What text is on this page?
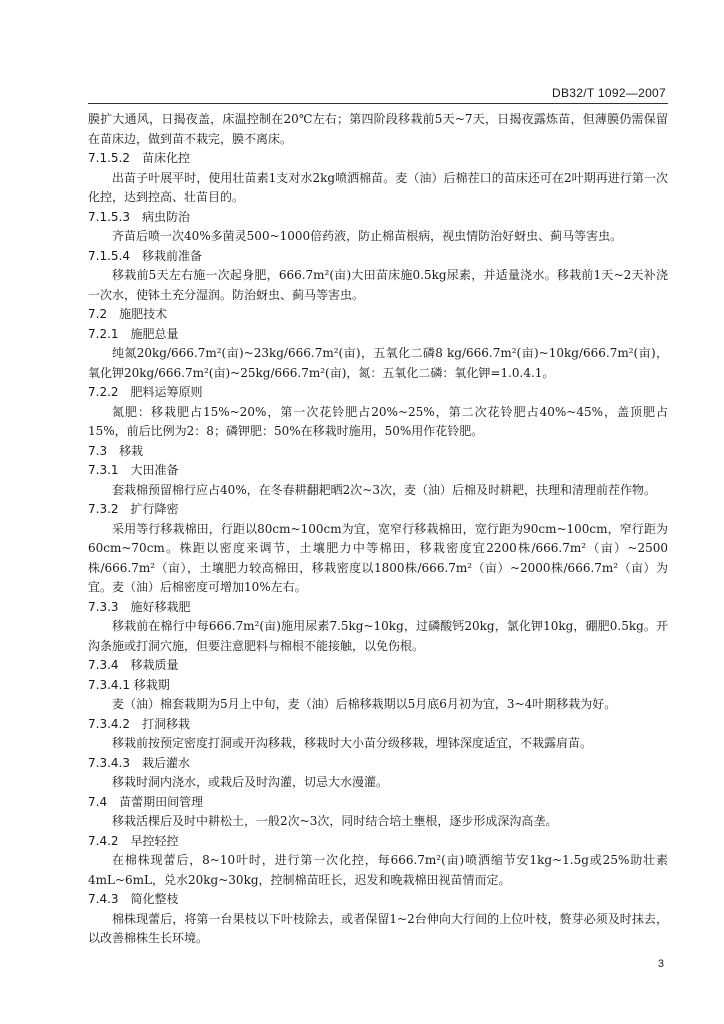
DB32/T 1092—2007

膜扩大通风，日揭夜盖，床温控制在20℃左右；第四阶段移栽前5天~7天，日揭夜露炼苗，但薄膜仍需保留在苗床边，做到苗不栽完，膜不离床。

7.1.5.2　苗床化控

出苗子叶展平时，使用壮苗素1支对水2kg喷洒棉苗。麦（油）后棉茬口的苗床还可在2叶期再进行第一次化控，达到控高、壮苗目的。

7.1.5.3　病虫防治

齐苗后喷一次40%多菌灵500~1000倍药液，防止棉苗根病，视虫情防治好蚜虫、蓟马等害虫。

7.1.5.4　移栽前准备

移栽前5天左右施一次起身肥，666.7m²(亩)大田苗床施0.5kg尿素，并适量浇水。移栽前1天~2天补浇一次水，使钵土充分湿润。防治蚜虫、蓟马等害虫。

7.2　施肥技术

7.2.1　施肥总量

纯氮20kg/666.7m²(亩)~23kg/666.7m²(亩)，五氧化二磷8 kg/666.7m²(亩)~10kg/666.7m²(亩)，氧化钾20kg/666.7m²(亩)~25kg/666.7m²(亩)，氮：五氧化二磷：氧化钾=1.0.4.1。

7.2.2　肥料运筹原则

氮肥：移栽肥占15%~20%，第一次花铃肥占20%~25%，第二次花铃肥占40%~45%，盖顶肥占15%，前后比例为2：8；磷钾肥：50%在移栽时施用，50%用作花铃肥。

7.3　移栽

7.3.1　大田准备

套栽棉预留棉行应占40%，在冬春耕翻耙晒2次~3次，麦（油）后棉及时耕耙，扶理和清理前茬作物。

7.3.2　扩行降密

采用等行移栽棉田，行距以80cm~100cm为宜，宽窄行移栽棉田，宽行距为90cm~100cm，窄行距为60cm~70cm。株距以密度来调节，土壤肥力中等棉田，移栽密度宜2200株/666.7m²（亩）~2500株/666.7m²（亩），土壤肥力较高棉田，移栽密度以1800株/666.7m²（亩）~2000株/666.7m²（亩）为宜。麦（油）后棉密度可增加10%左右。

7.3.3　施好移栽肥

移栽前在棉行中每666.7m²(亩)施用尿素7.5kg~10kg，过磷酸钙20kg，氯化钾10kg，硼肥0.5kg。开沟条施或打洞穴施，但要注意肥料与棉根不能接触，以免伤根。

7.3.4　移栽质量

7.3.4.1 移栽期

麦（油）棉套栽期为5月上中旬，麦（油）后棉移栽期以5月底6月初为宜，3~4叶期移栽为好。

7.3.4.2　打洞移栽

移栽前按预定密度打洞或开沟移栽，移栽时大小苗分级移栽，埋钵深度适宜，不栽露肩苗。

7.3.4.3　栽后灌水

移栽时洞内浇水，或栽后及时沟灌，切忌大水漫灌。

7.4　苗蕾期田间管理

移栽活棵后及时中耕松土，一般2次~3次，同时结合培土壅根，逐步形成深沟高垄。

7.4.2　早控轻控

在棉株现蕾后，8~10叶时，进行第一次化控，每666.7m²(亩)喷洒缩节安1kg~1.5g或25%助壮素4mL~6mL，兑水20kg~30kg，控制棉苗旺长，迟发和晚栽棉田视苗情而定。

7.4.3　简化整枝

棉株现蕾后，将第一台果枝以下叶枝除去，或者保留1~2台伸向大行间的上位叶枝，赘芽必须及时抹去，以改善棉株生长环境。

3
